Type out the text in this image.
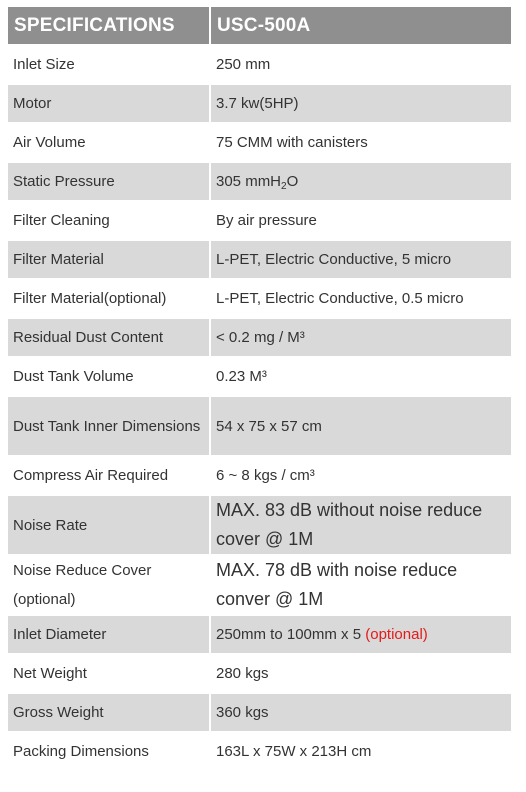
SPECIFICATIONS	USC-500A
Inlet Size	250 mm
Motor	3.7 kw(5HP)
Air Volume	75 CMM with canisters
Static Pressure	305 mmH$_2$O
Filter Cleaning	By air pressure
Filter Material	L-PET, Electric Conductive, 5 micro
Filter Material(optional)	L-PET, Electric Conductive, 0.5 micro
Residual Dust Content	< 0.2 mg / M³
Dust Tank Volume	0.23 M³
Dust Tank Inner Dimensions	54 x 75 x 57 cm
Compress Air Required	6 ~ 8 kgs / cm³
Noise Rate	MAX. 83 dB without noise reduce cover @ 1M
Noise Reduce Cover (optional)	MAX. 78 dB with noise reduce conver @ 1M
Inlet Diameter	250mm to 100mm x 5 (optional)
Net Weight	280 kgs
Gross Weight	360 kgs
Packing Dimensions	163L x 75W x 213H cm
